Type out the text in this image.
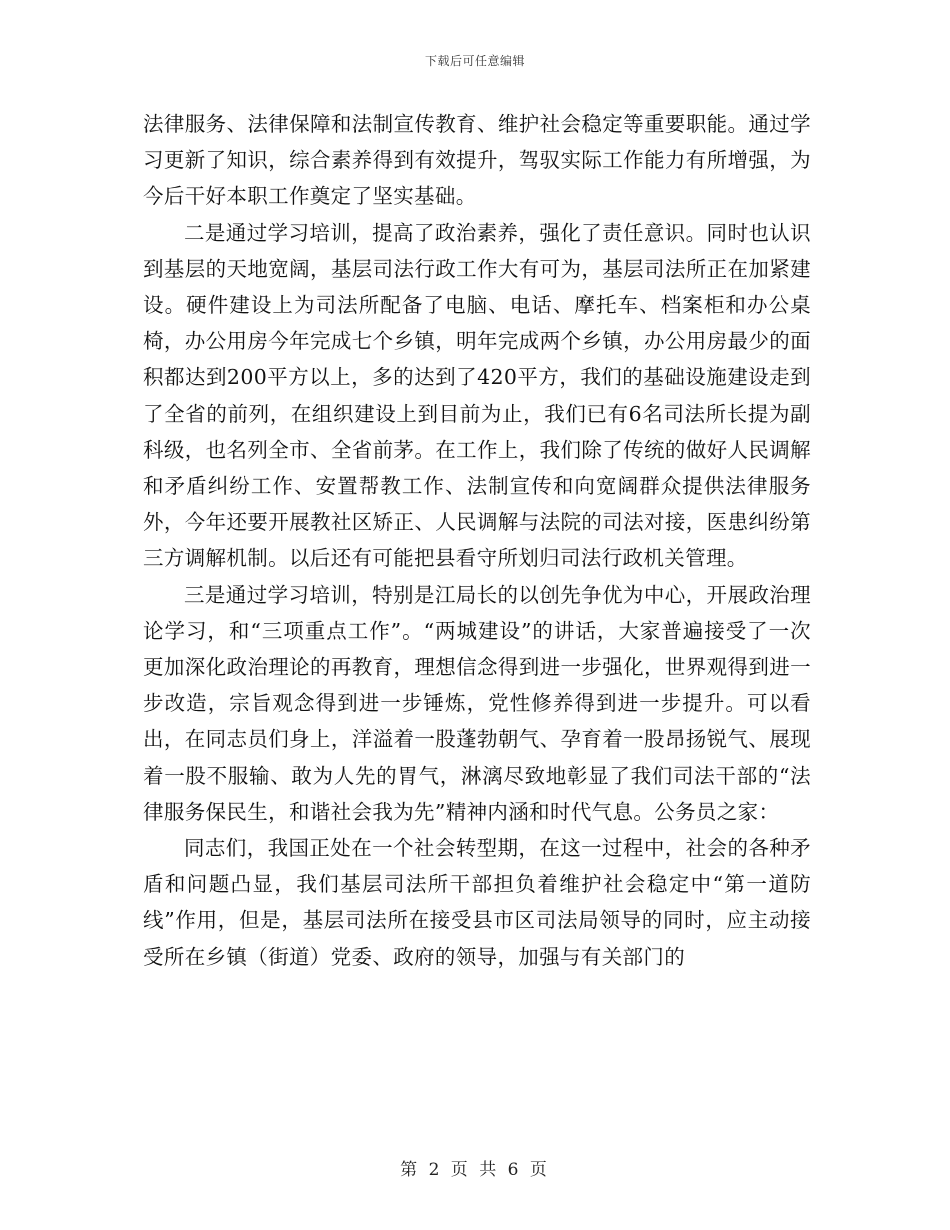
下载后可任意编辑

法律服务、法律保障和法制宣传教育、维护社会稳定等重要职能。通过学习更新了知识，综合素养得到有效提升，驾驭实际工作能力有所增强，为今后干好本职工作奠定了坚实基础。

二是通过学习培训，提高了政治素养，强化了责任意识。同时也认识到基层的天地宽阔，基层司法行政工作大有可为，基层司法所正在加紧建设。硬件建设上为司法所配备了电脑、电话、摩托车、档案柜和办公桌椅，办公用房今年完成七个乡镇，明年完成两个乡镇，办公用房最少的面积都达到200平方以上，多的达到了420平方，我们的基础设施建设走到了全省的前列，在组织建设上到目前为止，我们已有6名司法所长提为副科级，也名列全市、全省前茅。在工作上，我们除了传统的做好人民调解和矛盾纠纷工作、安置帮教工作、法制宣传和向宽阔群众提供法律服务外，今年还要开展教社区矫正、人民调解与法院的司法对接，医患纠纷第三方调解机制。以后还有可能把县看守所划归司法行政机关管理。

三是通过学习培训，特别是江局长的以创先争优为中心，开展政治理论学习，和“三项重点工作”。“两城建设”的讲话，大家普遍接受了一次更加深化政治理论的再教育，理想信念得到进一步强化，世界观得到进一步改造，宗旨观念得到进一步锤炼，党性修养得到进一步提升。可以看出，在同志员们身上，洋溢着一股蓬勃朝气、孕育着一股昂扬锐气、展现着一股不服输、敢为人先的胃气，淋漓尽致地彰显了我们司法干部的“法律服务保民生，和谐社会我为先”精神内涵和时代气息。公务员之家：

同志们，我国正处在一个社会转型期，在这一过程中，社会的各种矛盾和问题凸显，我们基层司法所干部担负着维护社会稳定中“第一道防线”作用，但是，基层司法所在接受县市区司法局领导的同时，应主动接受所在乡镇（街道）党委、政府的领导，加强与有关部门的

第 2 页 共 6 页
